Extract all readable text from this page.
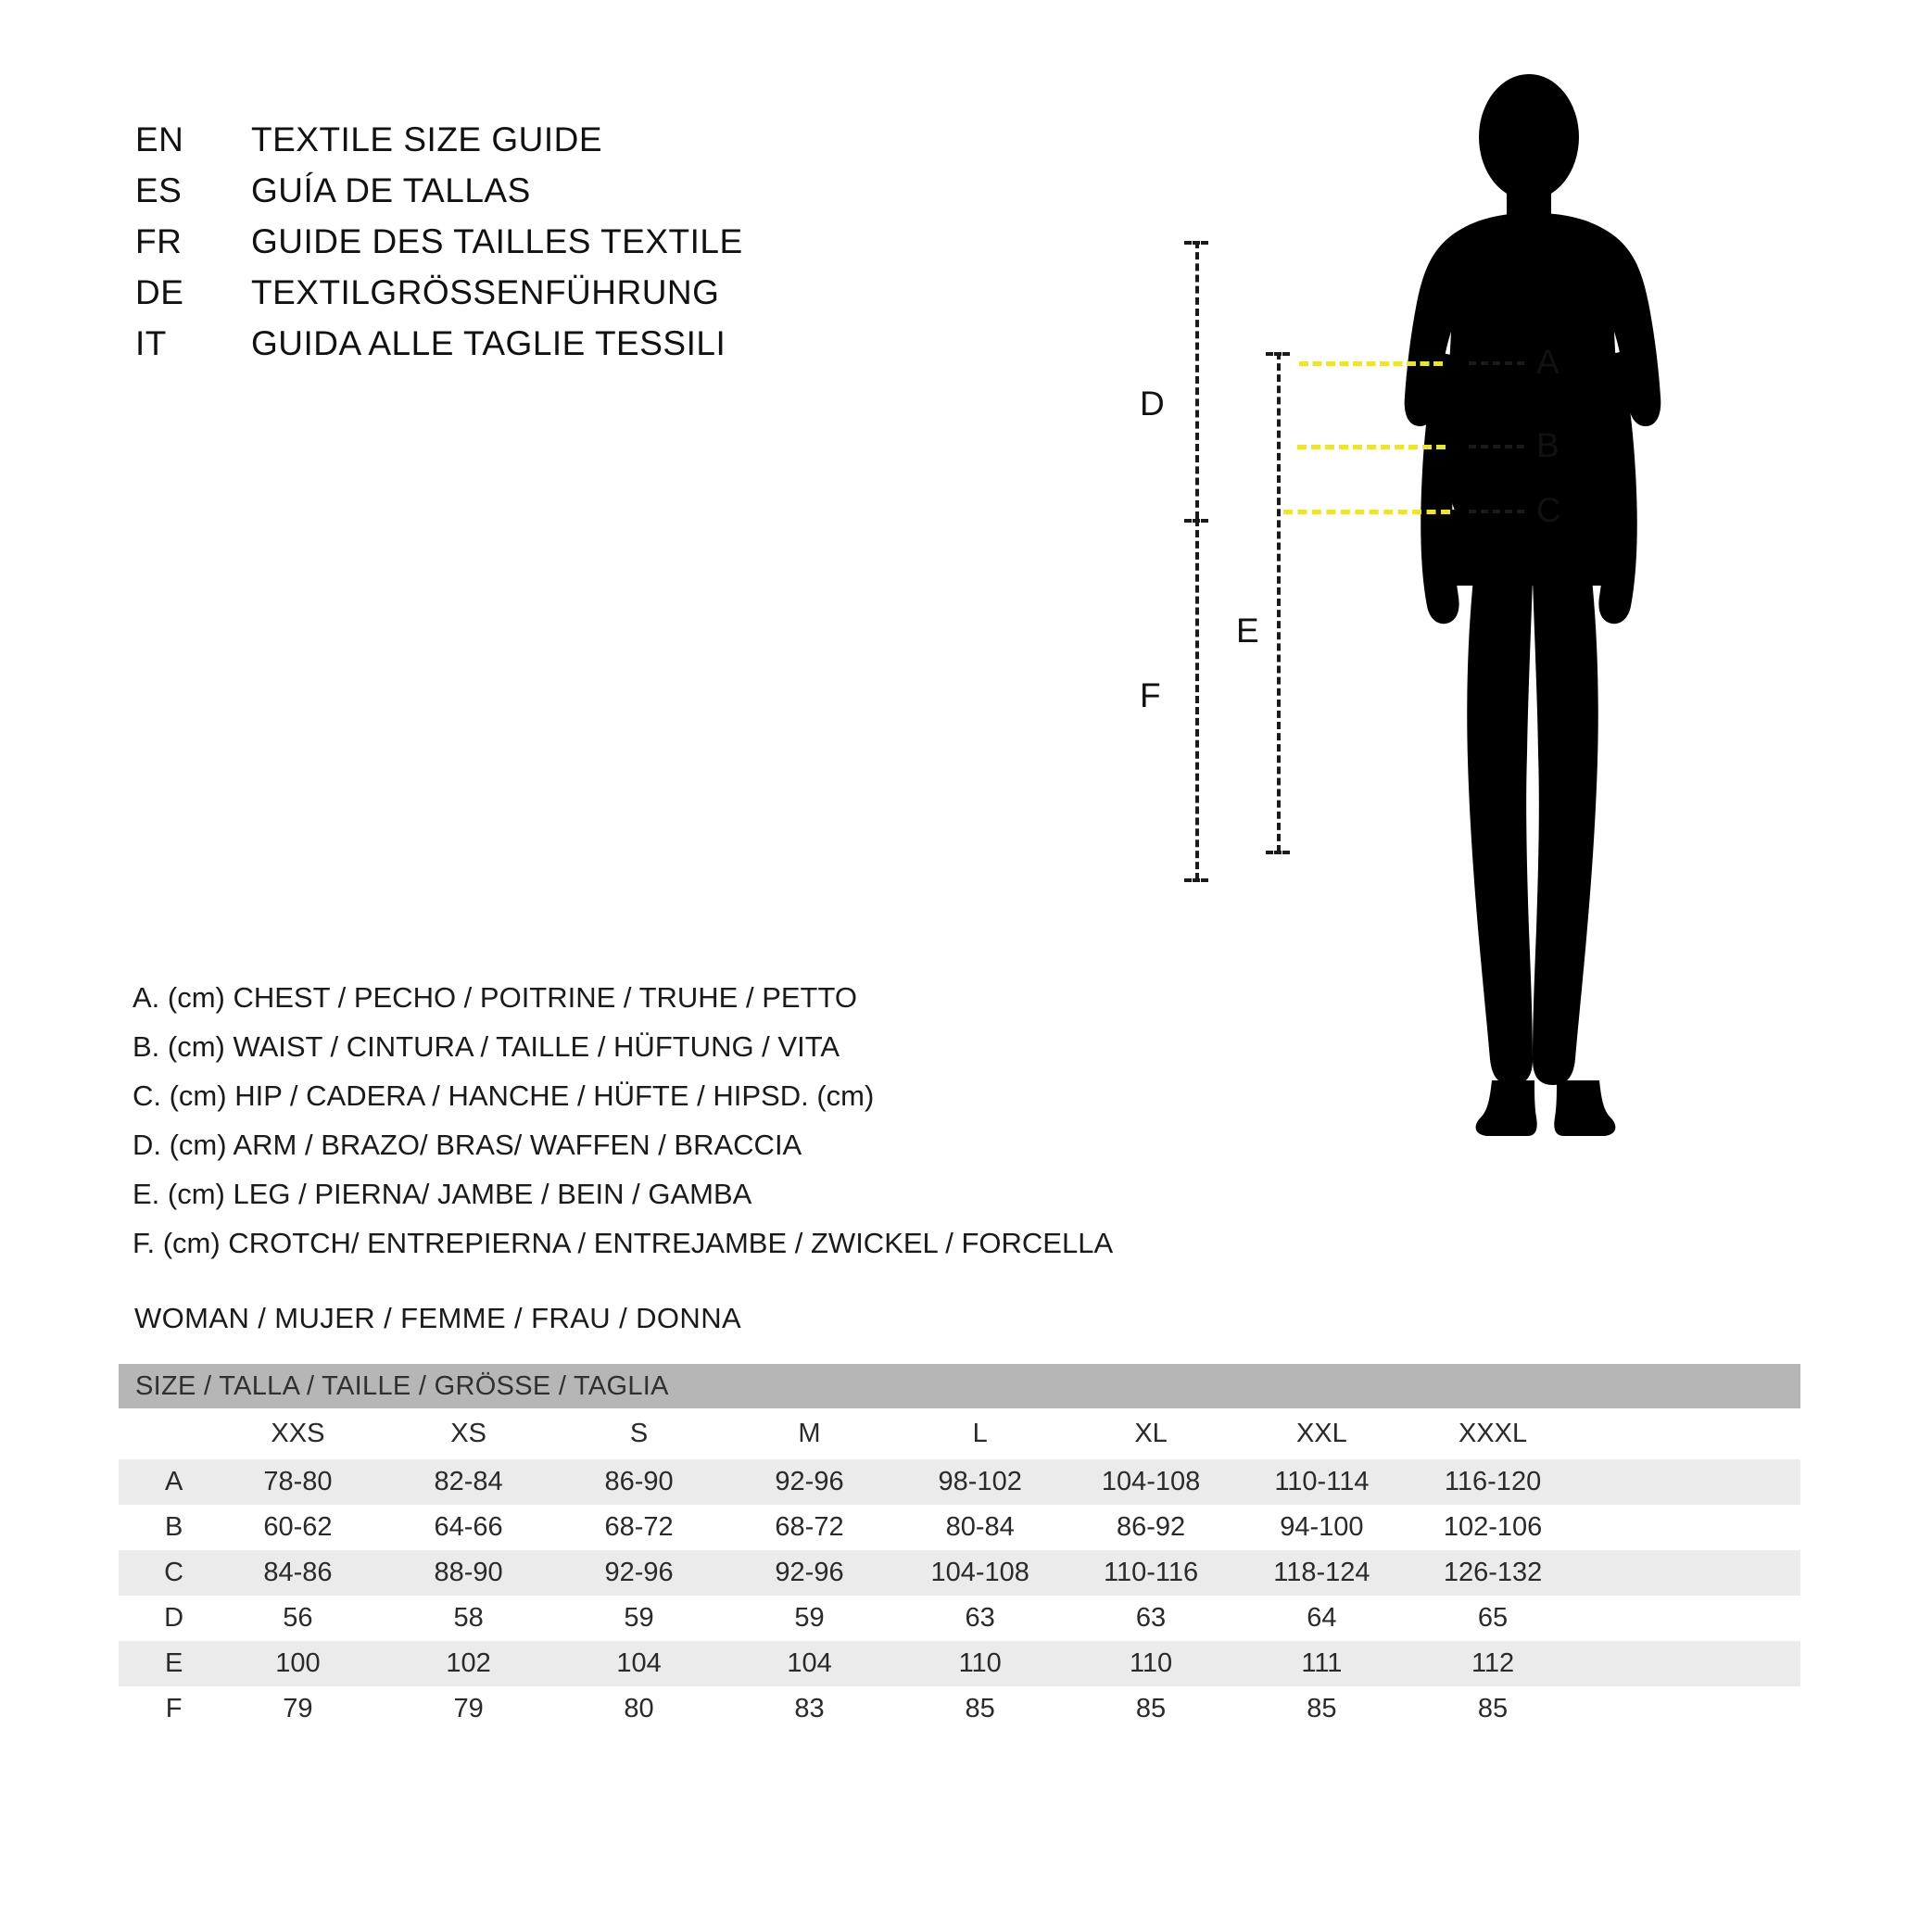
EN	TEXTILE SIZE GUIDE
ES	GUÍA DE TALLAS
FR	GUIDE DES TAILLES TEXTILE
DE	TEXTILGRÖSSENFÜHRUNG
IT	GUIDA ALLE TAGLIE TESSILI	A
B
C
D
F
E
A. (cm) CHEST / PECHO / POITRINE / TRUHE / PETTO
B. (cm) WAIST / CINTURA / TAILLE / HÜFTUNG / VITA
C. (cm) HIP / CADERA / HANCHE / HÜFTE / HIPSD. (cm)
D. (cm) ARM / BRAZO/ BRAS/ WAFFEN / BRACCIA
E. (cm) LEG / PIERNA/ JAMBE / BEIN / GAMBA
F. (cm) CROTCH/ ENTREPIERNA / ENTREJAMBE / ZWICKEL / FORCELLA
WOMAN / MUJER / FEMME / FRAU / DONNA
SIZE / TALLA / TAILLE / GRÖSSE / TAGLIA									
	XXS	XS	S	M	L	XL	XXL	XXXL	
A	78-80	82-84	86-90	92-96	98-102	104-108	110-114	116-120	
B	60-62	64-66	68-72	68-72	80-84	86-92	94-100	102-106	
C	84-86	88-90	92-96	92-96	104-108	110-116	118-124	126-132	
D	56	58	59	59	63	63	64	65	
E	100	102	104	104	110	110	111	112	
F	79	79	80	83	85	85	85	85	
